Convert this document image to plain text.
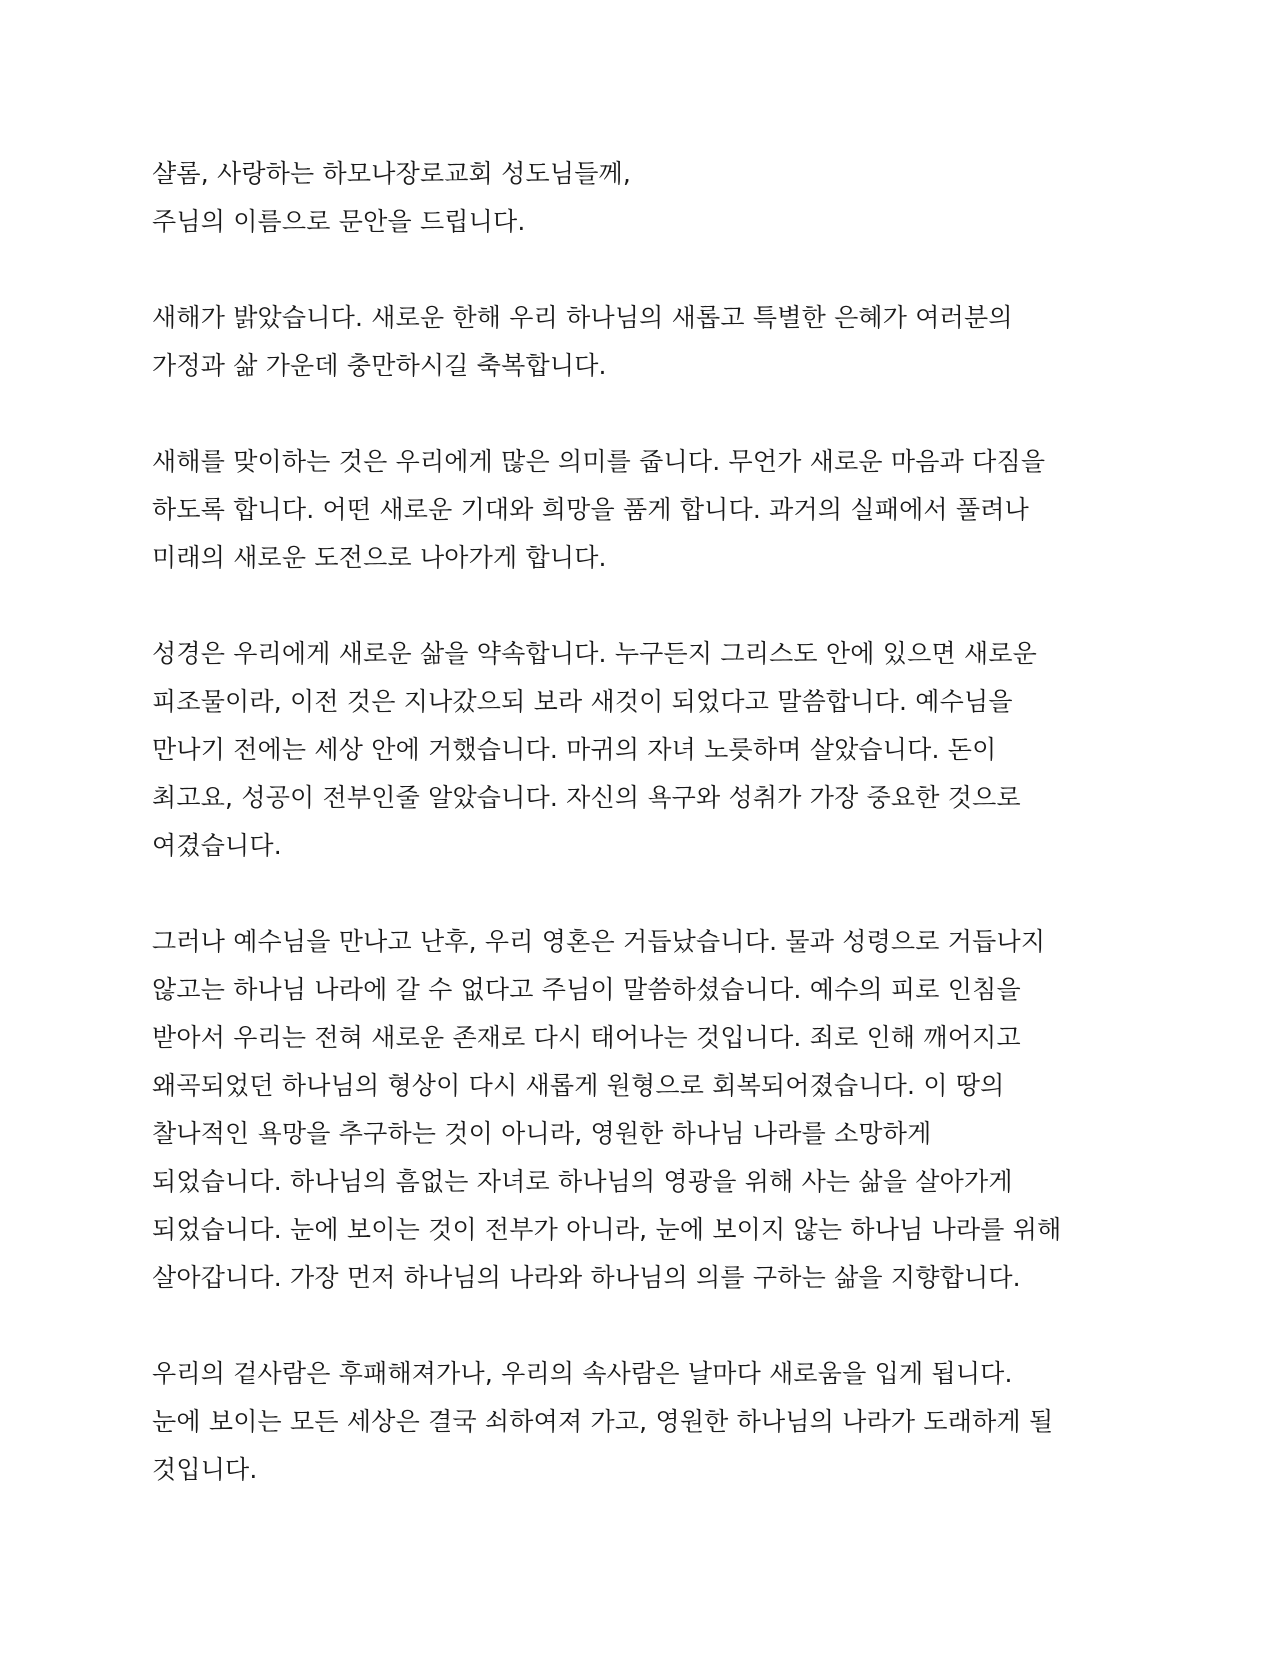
샬롬, 사랑하는 하모나장로교회 성도님들께,
주님의 이름으로 문안을 드립니다.
새해가 밝았습니다. 새로운 한해 우리 하나님의 새롭고 특별한 은혜가 여러분의
가정과 삶 가운데 충만하시길 축복합니다.
새해를 맞이하는 것은 우리에게 많은 의미를 줍니다. 무언가 새로운 마음과 다짐을
하도록 합니다. 어떤 새로운 기대와 희망을 품게 합니다. 과거의 실패에서 풀려나
미래의 새로운 도전으로 나아가게 합니다.
성경은 우리에게 새로운 삶을 약속합니다. 누구든지 그리스도 안에 있으면 새로운
피조물이라, 이전 것은 지나갔으되 보라 새것이 되었다고 말씀합니다. 예수님을
만나기 전에는 세상 안에 거했습니다. 마귀의 자녀 노릇하며 살았습니다. 돈이
최고요, 성공이 전부인줄 알았습니다. 자신의 욕구와 성취가 가장 중요한 것으로
여겼습니다.
그러나 예수님을 만나고 난후, 우리 영혼은 거듭났습니다. 물과 성령으로 거듭나지
않고는 하나님 나라에 갈 수 없다고 주님이 말씀하셨습니다. 예수의 피로 인침을
받아서 우리는 전혀 새로운 존재로 다시 태어나는 것입니다. 죄로 인해 깨어지고
왜곡되었던 하나님의 형상이 다시 새롭게 원형으로 회복되어졌습니다. 이 땅의
찰나적인 욕망을 추구하는 것이 아니라, 영원한 하나님 나라를 소망하게
되었습니다. 하나님의 흠없는 자녀로 하나님의 영광을 위해 사는 삶을 살아가게
되었습니다. 눈에 보이는 것이 전부가 아니라, 눈에 보이지 않는 하나님 나라를 위해
살아갑니다. 가장 먼저 하나님의 나라와 하나님의 의를 구하는 삶을 지향합니다.
우리의 겉사람은 후패해져가나, 우리의 속사람은 날마다 새로움을 입게 됩니다.
눈에 보이는 모든 세상은 결국 쇠하여져 가고, 영원한 하나님의 나라가 도래하게 될
것입니다.
